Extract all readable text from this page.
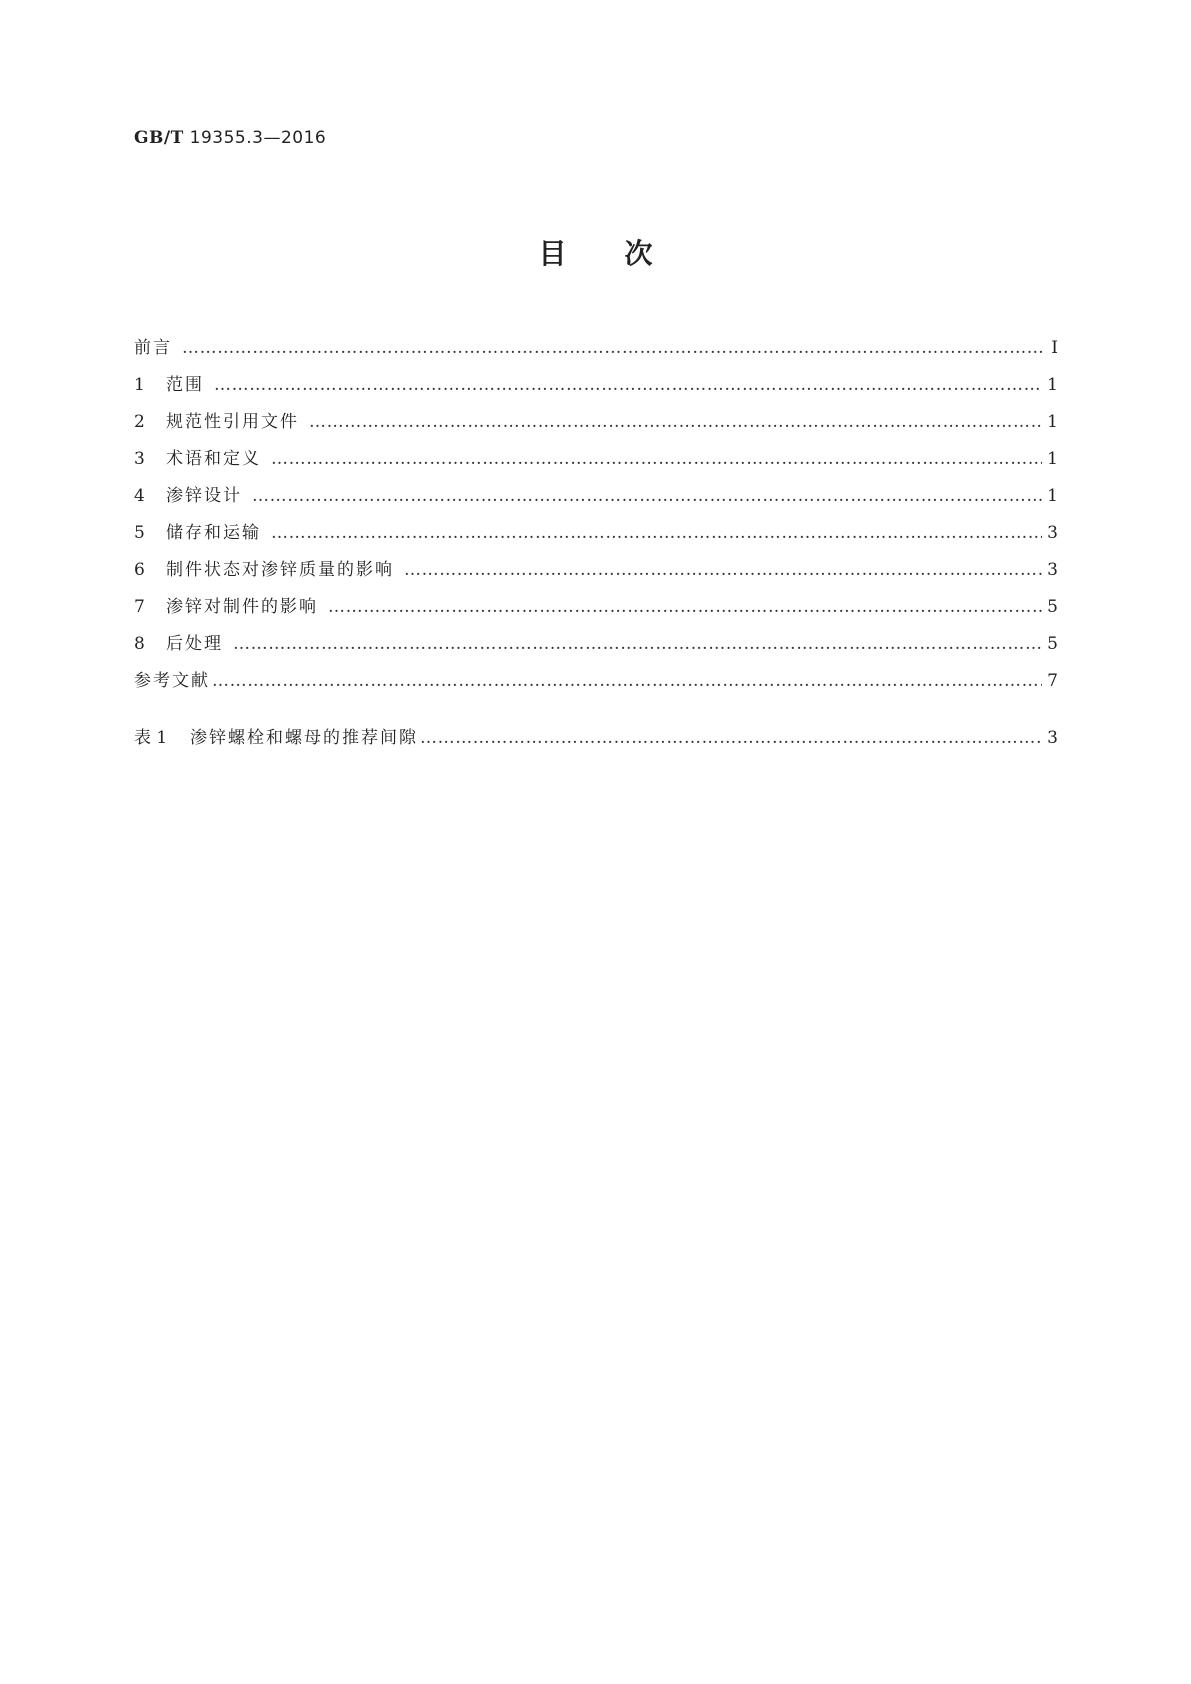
GB/T 19355.3—2016
目次
前言 ……………………………………………………………………………………………………………………………………………………………………………………………………………………	Ⅰ
1	范围 ……………………………………………………………………………………………………………………………………………………………………………………………………………………	1
2	规范性引用文件 ……………………………………………………………………………………………………………………………………………………………………………………………………………………	1
3	术语和定义 ……………………………………………………………………………………………………………………………………………………………………………………………………………………	1
4	渗锌设计 ……………………………………………………………………………………………………………………………………………………………………………………………………………………	1
5	储存和运输 ……………………………………………………………………………………………………………………………………………………………………………………………………………………	3
6	制件状态对渗锌质量的影响 ……………………………………………………………………………………………………………………………………………………………………………………………………………………	3
7	渗锌对制件的影响 ……………………………………………………………………………………………………………………………………………………………………………………………………………………	5
8	后处理 ……………………………………………………………………………………………………………………………………………………………………………………………………………………	5
参考文献 ……………………………………………………………………………………………………………………………………………………………………………………………………………………	7
表 1	渗锌螺栓和螺母的推荐间隙 ……………………………………………………………………………………………………………………………………………………………………………………………………………………	3
